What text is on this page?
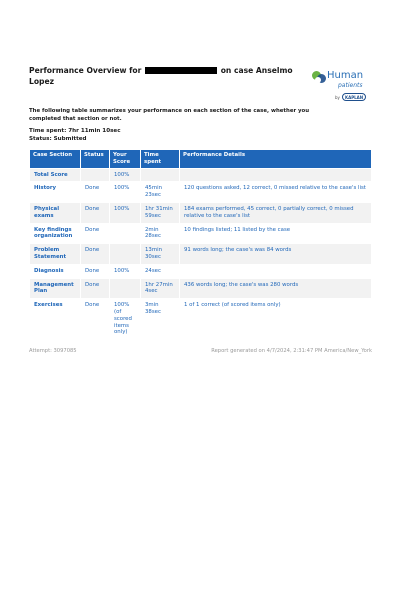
Performance Overview for	on case Anselmo Lopez	Human
patients
by	KAPLAN
The following table summarizes your performance on each section of the case, whether you completed that section or not.
Time spent: 7hr 11min 10sec
Status: Submitted
Case Section	Status	Your Score	Time spent	Performance Details
Total Score		100%		
History	Done	100%	45min 23sec	120 questions asked, 12 correct, 0 missed relative to the case's list
Physical exams	Done	100%	1hr 31min 59sec	184 exams performed, 45 correct, 0 partially correct, 0 missed relative to the case's list
Key findings organization	Done		2min 28sec	10 findings listed; 11 listed by the case
Problem Statement	Done		13min 30sec	91 words long; the case's was 84 words
Diagnosis	Done	100%	24sec	
Management Plan	Done		1hr 27min 4sec	436 words long; the case's was 280 words
Exercises	Done	100% (of scored items only)	3min 38sec	1 of 1 correct (of scored items only)
Attempt: 3097085	Report generated on 4/7/2024, 2:31:47 PM America/New_York
